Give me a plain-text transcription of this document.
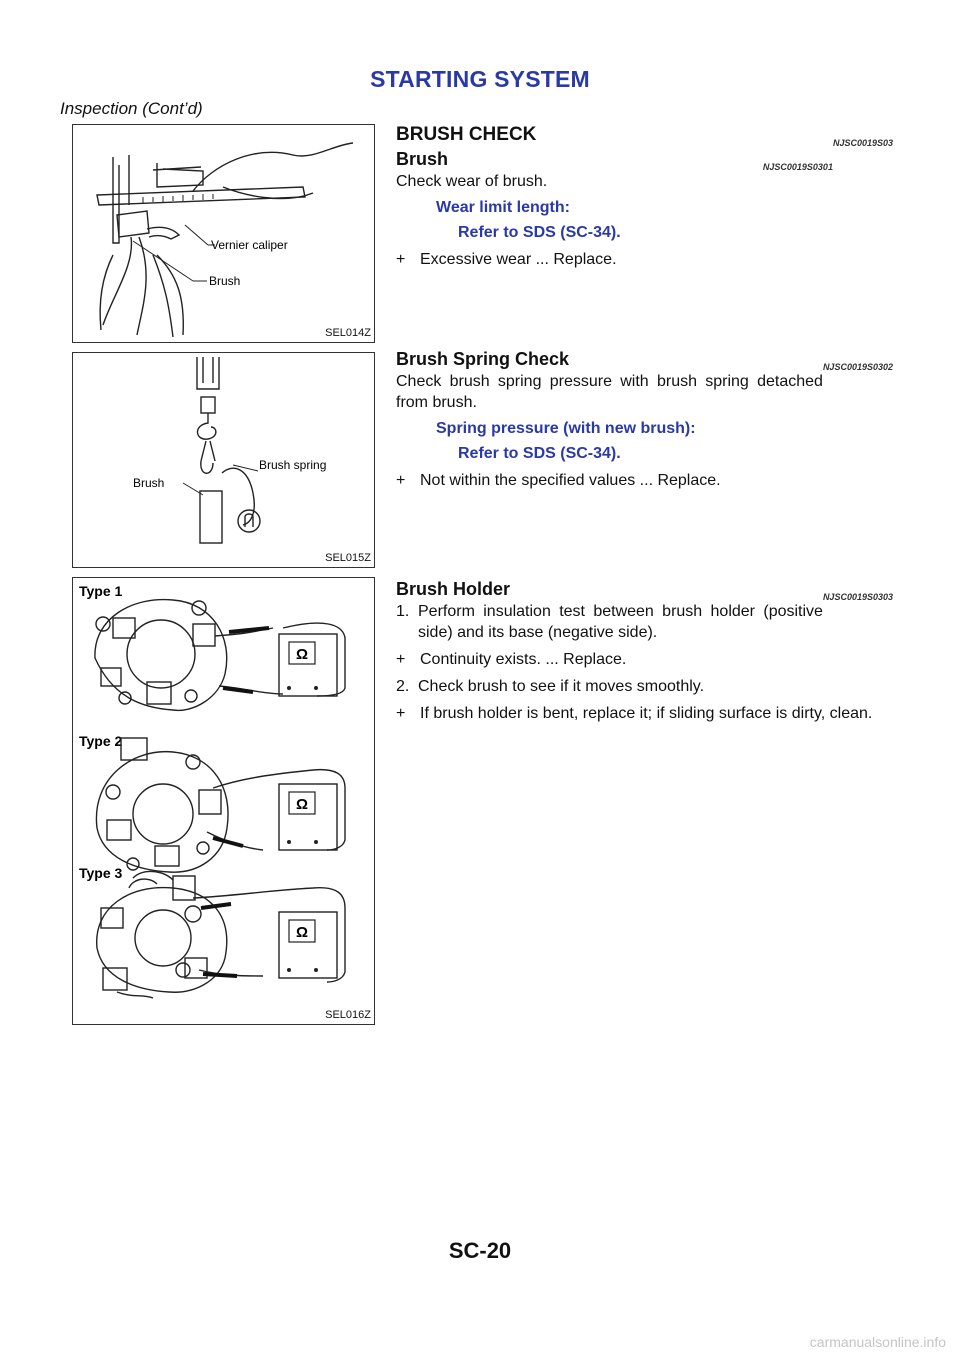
STARTING SYSTEM
Inspection (Cont’d)
Vernier caliper
Brush
SEL014Z
Brush spring
Brush
SEL015Z
Type 1
Ω
Type 2
Ω
Type 3
Ω
SEL016Z
BRUSH CHECK	NJSC0019S03
Brush	NJSC0019S0301
Check wear of brush.
Wear limit length:
Refer to SDS (SC-34).
+ Excessive wear ... Replace.
Brush Spring Check	NJSC0019S0302
Check brush spring pressure with brush spring detached from brush.
Spring pressure (with new brush):
Refer to SDS (SC-34).
+ Not within the specified values ... Replace.
Brush Holder	NJSC0019S0303
1. Perform insulation test between brush holder (positive side) and its base (negative side).
+ Continuity exists. ... Replace.
2. Check brush to see if it moves smoothly.
+ If brush holder is bent, replace it; if sliding surface is dirty, clean.
SC-20
carmanualsonline.info
